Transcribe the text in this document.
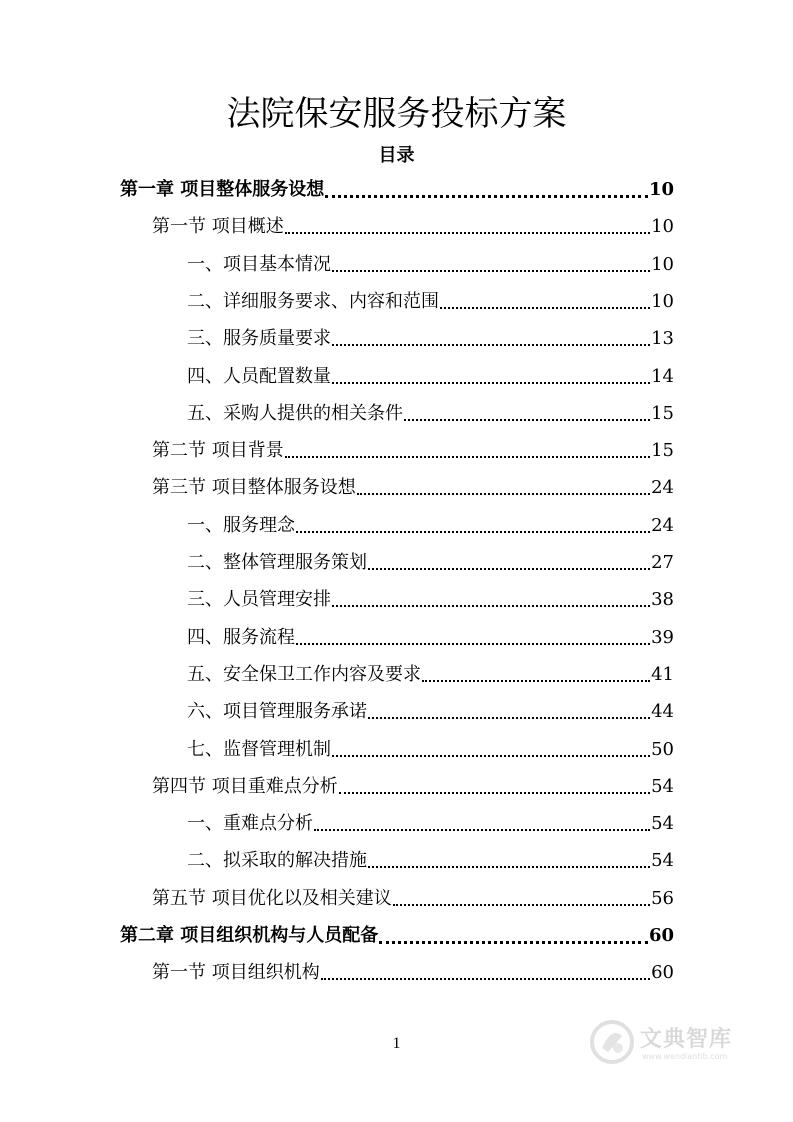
法院保安服务投标方案
目录
第一章 项目整体服务设想	10
第一节 项目概述	10
一、项目基本情况	10
二、详细服务要求、内容和范围	10
三、服务质量要求	13
四、人员配置数量	14
五、采购人提供的相关条件	15
第二节 项目背景	15
第三节 项目整体服务设想	24
一、服务理念	24
二、整体管理服务策划	27
三、人员管理安排	38
四、服务流程	39
五、安全保卫工作内容及要求	41
六、项目管理服务承诺	44
七、监督管理机制	50
第四节 项目重难点分析	54
一、重难点分析	54
二、拟采取的解决措施	54
第五节 项目优化以及相关建议	56
第二章 项目组织机构与人员配备	60
第一节 项目组织机构	60
1	文典智库
www.wendiantib.com
